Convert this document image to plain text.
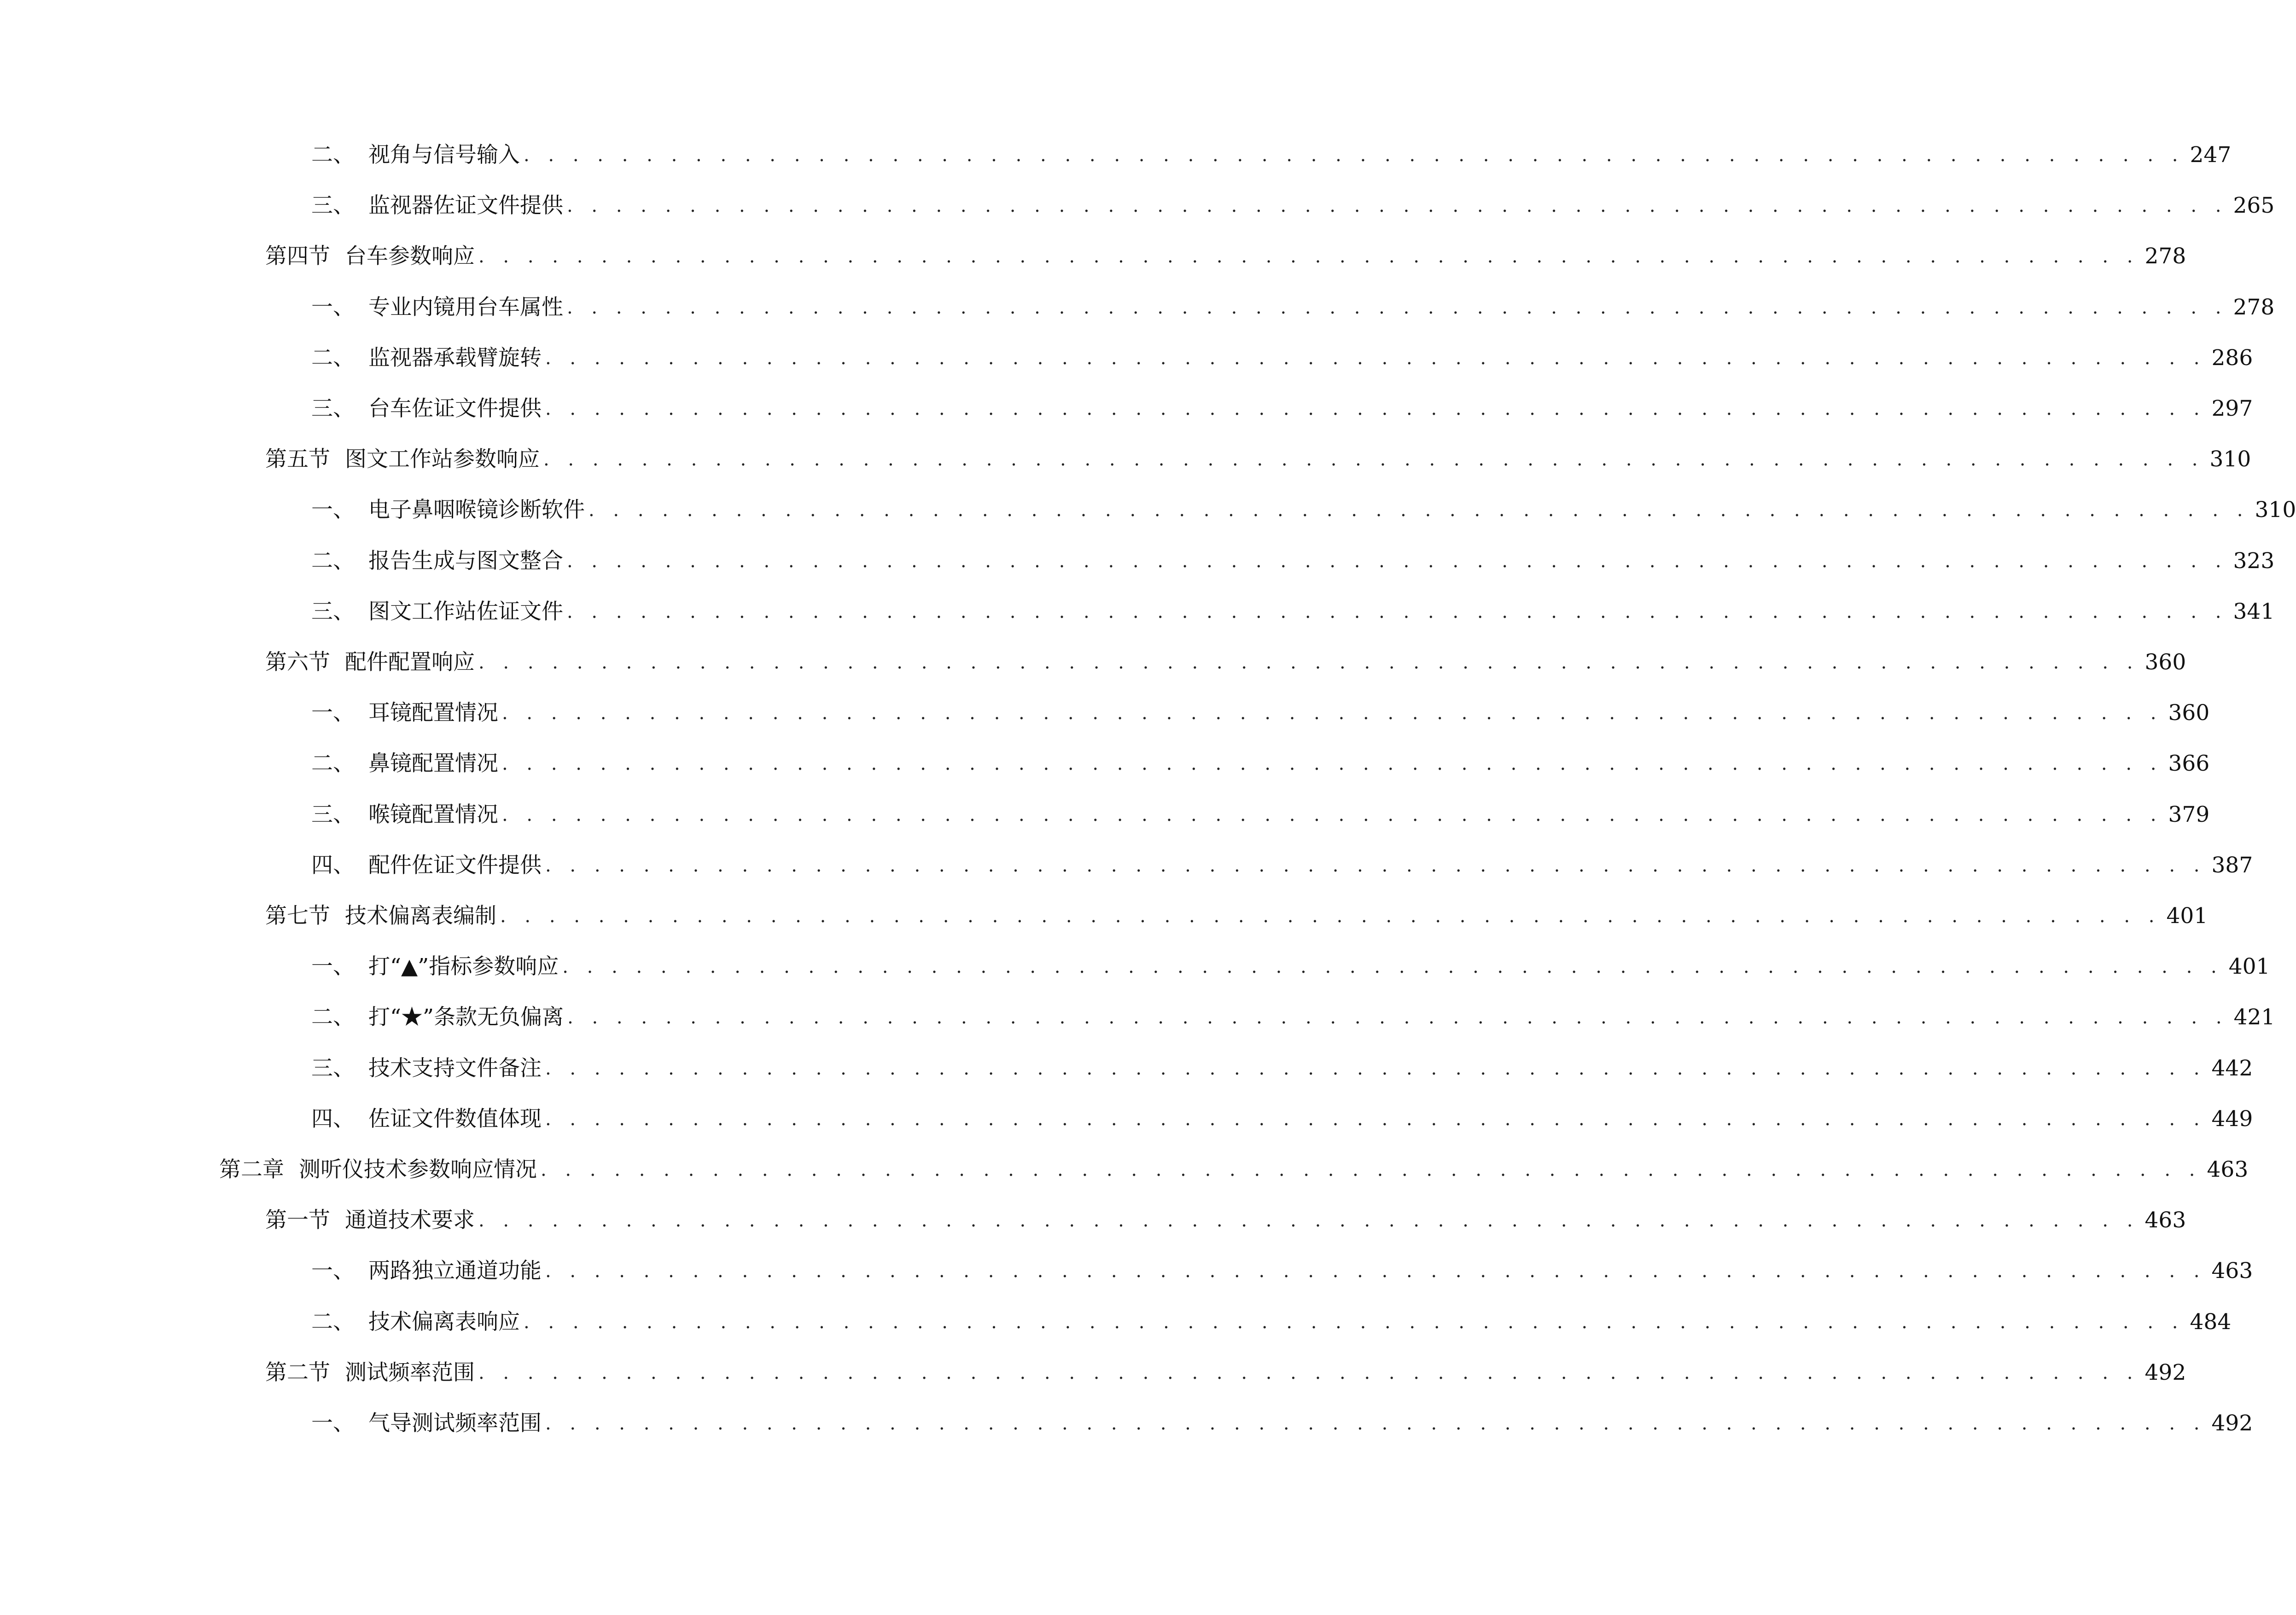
二、 视角与信号输入 . . . . . . . . . . . . . . . . . . . . . . . . . . . . . . . . . . . . . . . . . . . . . . . . . . . . . . . . . . . . . . . . . . . . 247
三、 监视器佐证文件提供 . . . . . . . . . . . . . . . . . . . . . . . . . . . . . . . . . . . . . . . . . . . . . . . . . . . . . . . . . . . . . . . . . . . . 265
第四节 台车参数响应 . . . . . . . . . . . . . . . . . . . . . . . . . . . . . . . . . . . . . . . . . . . . . . . . . . . . . . . . . . . . . . . . . . . . 278
一、 专业内镜用台车属性 . . . . . . . . . . . . . . . . . . . . . . . . . . . . . . . . . . . . . . . . . . . . . . . . . . . . . . . . . . . . . . . . . . . . 278
二、 监视器承载臂旋转 . . . . . . . . . . . . . . . . . . . . . . . . . . . . . . . . . . . . . . . . . . . . . . . . . . . . . . . . . . . . . . . . . . . . 286
三、 台车佐证文件提供 . . . . . . . . . . . . . . . . . . . . . . . . . . . . . . . . . . . . . . . . . . . . . . . . . . . . . . . . . . . . . . . . . . . . 297
第五节 图文工作站参数响应 . . . . . . . . . . . . . . . . . . . . . . . . . . . . . . . . . . . . . . . . . . . . . . . . . . . . . . . . . . . . . . . . . . . . 310
一、 电子鼻咽喉镜诊断软件 . . . . . . . . . . . . . . . . . . . . . . . . . . . . . . . . . . . . . . . . . . . . . . . . . . . . . . . . . . . . . . . . . . . . 310
二、 报告生成与图文整合 . . . . . . . . . . . . . . . . . . . . . . . . . . . . . . . . . . . . . . . . . . . . . . . . . . . . . . . . . . . . . . . . . . . . 323
三、 图文工作站佐证文件 . . . . . . . . . . . . . . . . . . . . . . . . . . . . . . . . . . . . . . . . . . . . . . . . . . . . . . . . . . . . . . . . . . . . 341
第六节 配件配置响应 . . . . . . . . . . . . . . . . . . . . . . . . . . . . . . . . . . . . . . . . . . . . . . . . . . . . . . . . . . . . . . . . . . . . 360
一、 耳镜配置情况 . . . . . . . . . . . . . . . . . . . . . . . . . . . . . . . . . . . . . . . . . . . . . . . . . . . . . . . . . . . . . . . . . . . . 360
二、 鼻镜配置情况 . . . . . . . . . . . . . . . . . . . . . . . . . . . . . . . . . . . . . . . . . . . . . . . . . . . . . . . . . . . . . . . . . . . . 366
三、 喉镜配置情况 . . . . . . . . . . . . . . . . . . . . . . . . . . . . . . . . . . . . . . . . . . . . . . . . . . . . . . . . . . . . . . . . . . . . 379
四、 配件佐证文件提供 . . . . . . . . . . . . . . . . . . . . . . . . . . . . . . . . . . . . . . . . . . . . . . . . . . . . . . . . . . . . . . . . . . . . 387
第七节 技术偏离表编制 . . . . . . . . . . . . . . . . . . . . . . . . . . . . . . . . . . . . . . . . . . . . . . . . . . . . . . . . . . . . . . . . . . . . 401
一、 打“▲”指标参数响应 . . . . . . . . . . . . . . . . . . . . . . . . . . . . . . . . . . . . . . . . . . . . . . . . . . . . . . . . . . . . . . . . . . . . 401
二、 打“★”条款无负偏离 . . . . . . . . . . . . . . . . . . . . . . . . . . . . . . . . . . . . . . . . . . . . . . . . . . . . . . . . . . . . . . . . . . . . 421
三、 技术支持文件备注 . . . . . . . . . . . . . . . . . . . . . . . . . . . . . . . . . . . . . . . . . . . . . . . . . . . . . . . . . . . . . . . . . . . . 442
四、 佐证文件数值体现 . . . . . . . . . . . . . . . . . . . . . . . . . . . . . . . . . . . . . . . . . . . . . . . . . . . . . . . . . . . . . . . . . . . . 449
第二章 测听仪技术参数响应情况 . . . . . . . . . . . . . . . . . . . . . . . . . . . . . . . . . . . . . . . . . . . . . . . . . . . . . . . . . . . . . . . . . . . . 463
第一节 通道技术要求 . . . . . . . . . . . . . . . . . . . . . . . . . . . . . . . . . . . . . . . . . . . . . . . . . . . . . . . . . . . . . . . . . . . . 463
一、 两路独立通道功能 . . . . . . . . . . . . . . . . . . . . . . . . . . . . . . . . . . . . . . . . . . . . . . . . . . . . . . . . . . . . . . . . . . . . 463
二、 技术偏离表响应 . . . . . . . . . . . . . . . . . . . . . . . . . . . . . . . . . . . . . . . . . . . . . . . . . . . . . . . . . . . . . . . . . . . . 484
第二节 测试频率范围 . . . . . . . . . . . . . . . . . . . . . . . . . . . . . . . . . . . . . . . . . . . . . . . . . . . . . . . . . . . . . . . . . . . . 492
一、 气导测试频率范围 . . . . . . . . . . . . . . . . . . . . . . . . . . . . . . . . . . . . . . . . . . . . . . . . . . . . . . . . . . . . . . . . . . . . 492
